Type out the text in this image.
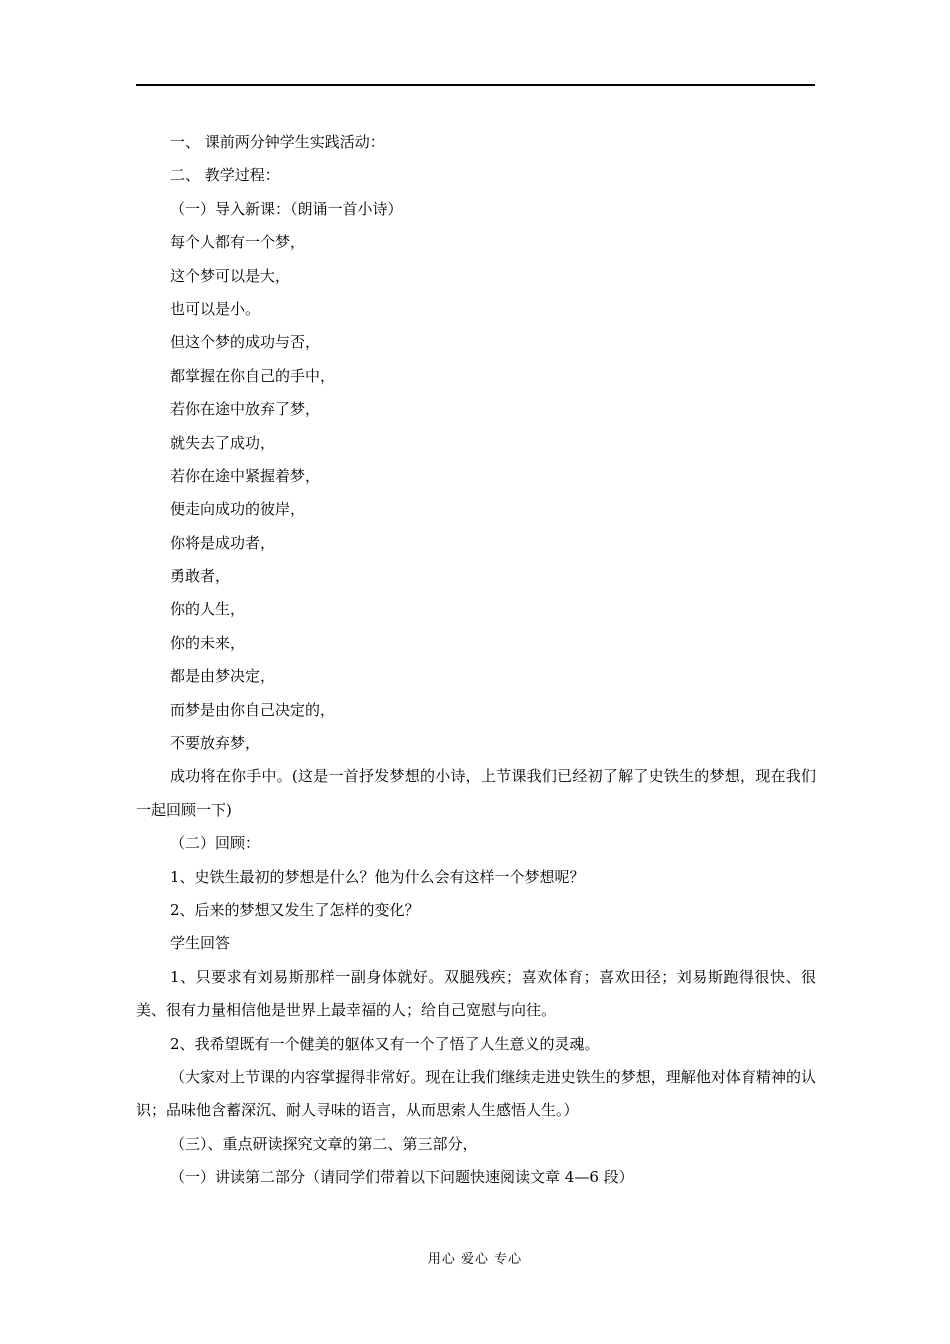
一、 课前两分钟学生实践活动：
二、 教学过程：
（一）导入新课：（朗诵一首小诗）
每个人都有一个梦，
这个梦可以是大，
也可以是小。
但这个梦的成功与否，
都掌握在你自己的手中，
若你在途中放弃了梦，
就失去了成功，
若你在途中紧握着梦，
便走向成功的彼岸，
你将是成功者，
勇敢者，
你的人生，
你的未来，
都是由梦决定，
而梦是由你自己决定的，
不要放弃梦，

成功将在你手中。(这是一首抒发梦想的小诗，上节课我们已经初了解了史铁生的梦想，现在我们一起回顾一下)

（二）回顾：
1、史铁生最初的梦想是什么？他为什么会有这样一个梦想呢？
2、后来的梦想又发生了怎样的变化？
学生回答

1、只要求有刘易斯那样一副身体就好。双腿残疾；喜欢体育；喜欢田径；刘易斯跑得很快、很美、很有力量相信他是世界上最幸福的人；给自己宽慰与向往。

2、我希望既有一个健美的躯体又有一个了悟了人生意义的灵魂。

（大家对上节课的内容掌握得非常好。现在让我们继续走进史铁生的梦想，理解他对体育精神的认识；品味他含蓄深沉、耐人寻味的语言，从而思索人生感悟人生。）

（三）、重点研读探究文章的第二、第三部分，
（一）讲读第二部分（请同学们带着以下问题快速阅读文章 4—6 段）
用心 爱心 专心
